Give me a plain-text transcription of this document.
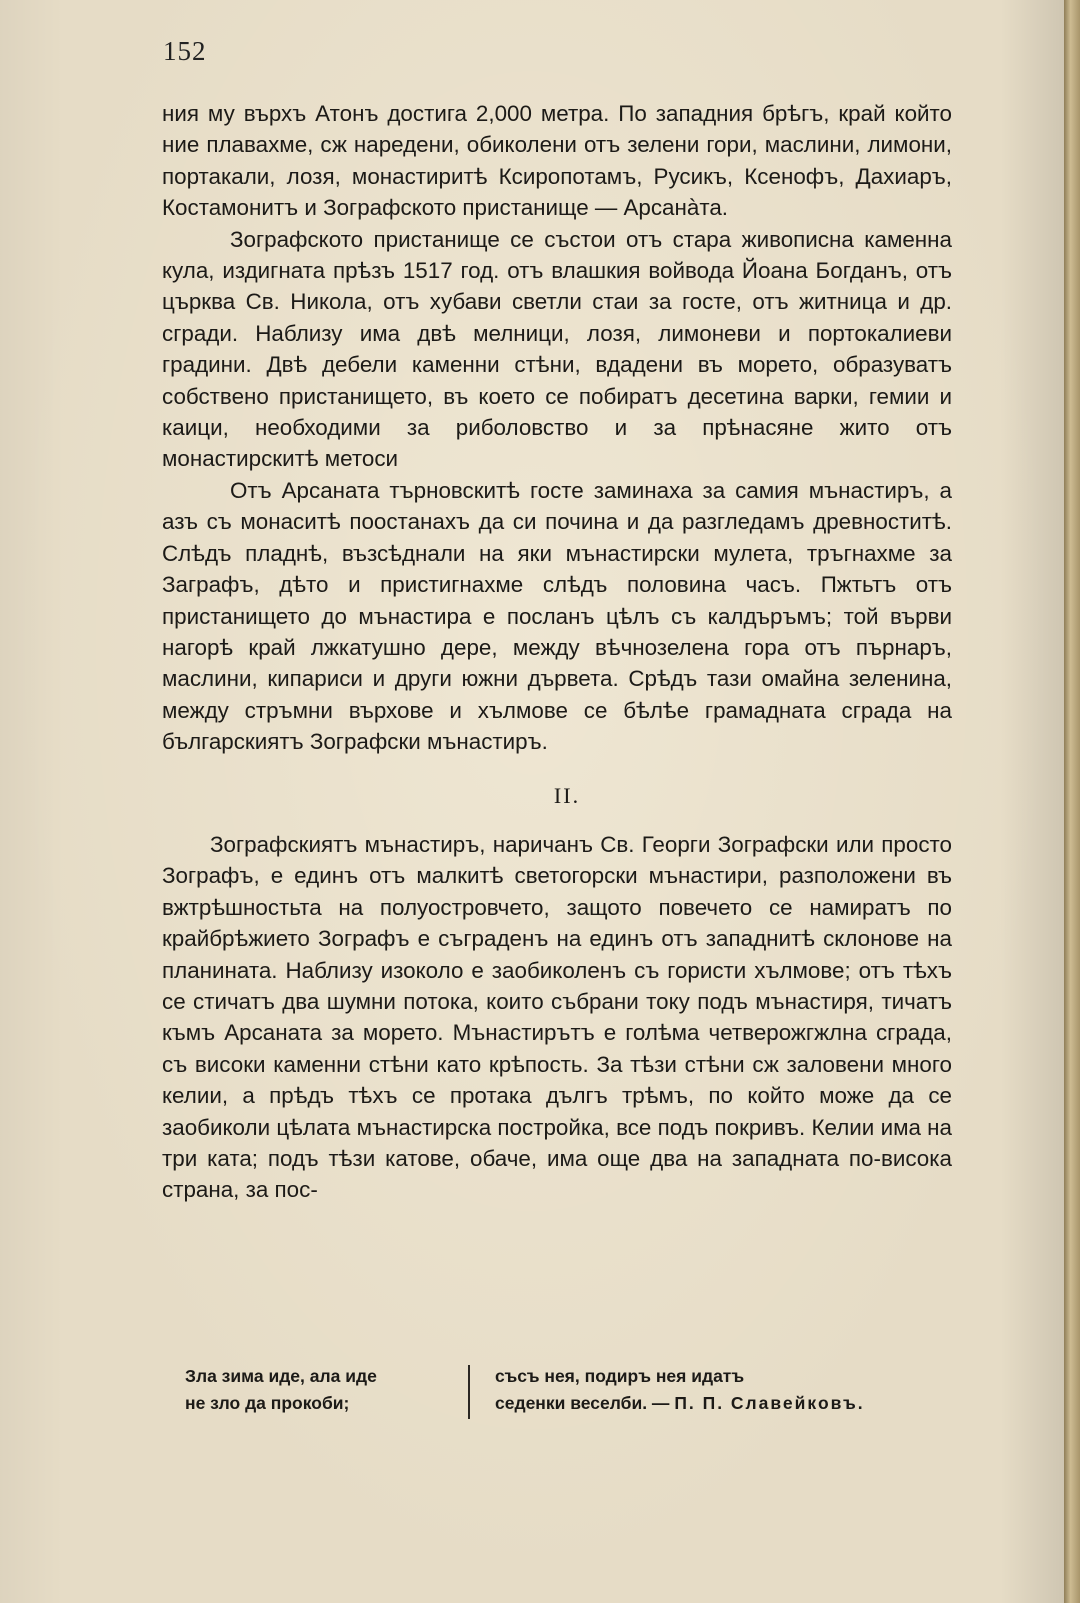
152

ния му върхъ Атонъ достига 2,000 метра. По западния брѣгъ, край който ние плавахме, сж наредени, обиколени отъ зелени гори, маслини, лимони, портакали, лозя, монастиритѣ Ксиропотамъ, Русикъ, Ксенофъ, Дахиаръ, Костамонитъ и Зографското пристанище — Арсанàта.

Зографското пристанище се състои отъ стара живописна каменна кула, издигната прѣзъ 1517 год. отъ влашкия войвода Йоана Богданъ, отъ църква Св. Никола, отъ хубави светли стаи за госте, отъ житница и др. сгради. Наблизу има двѣ мелници, лозя, лимоневи и портокалиеви градини. Двѣ дебели каменни стѣни, вдадени въ морето, образуватъ собствено пристанището, въ което се побиратъ десетина варки, гемии и каици, необходими за риболовство и за прѣнасяне жито отъ монастирскитѣ метоси

Отъ Арсаната търновскитѣ госте заминаха за самия мънастиръ, а азъ съ монаситѣ поостанахъ да си почина и да разгледамъ древноститѣ. Слѣдъ пладнѣ, възсѣднали на яки мънастирски мулета, тръгнахме за Заграфъ, дѣто и пристигнахме слѣдъ половина часъ. Пжтьтъ отъ пристанището до мънастира е посланъ цѣлъ съ калдъръмъ; той върви нагорѣ край лжкатушно дере, между вѣчнозелена гора отъ пърнаръ, маслини, кипариси и други южни дървета. Срѣдъ тази омайна зеленина, между стръмни върхове и хълмове се бѣлѣе грамадната сграда на българскиятъ Зографски мънастиръ.

II.

Зографскиятъ мънастиръ, наричанъ Св. Георги Зографски или просто Зографъ, е единъ отъ малкитѣ светогорски мънастири, разположени въ вжтрѣшностьта на полуостровчето, защото повечето се намиратъ по крайбрѣжието Зографъ е съграденъ на единъ отъ западнитѣ склонове на планината. Наблизу изоколо е заобиколенъ съ гористи хълмове; отъ тѣхъ се стичатъ два шумни потока, които събрани току подъ мънастиря, тичатъ къмъ Арсаната за морето. Мънастирътъ е голѣма четверожгжлна сграда, съ високи каменни стѣни като крѣпость. За тѣзи стѣни сж заловени много келии, а прѣдъ тѣхъ се протака дългъ трѣмъ, по който може да се заобиколи цѣлата мънастирска постройка, все подъ покривъ. Келии има на три ката; подъ тѣзи катове, обаче, има още два на западната по-висока страна, за пос-

Зла зима иде, ала иде
не зло да прокоби;
съсъ нея, подиръ нея идатъ
седенки веселби. — П. П. Славейковъ.
